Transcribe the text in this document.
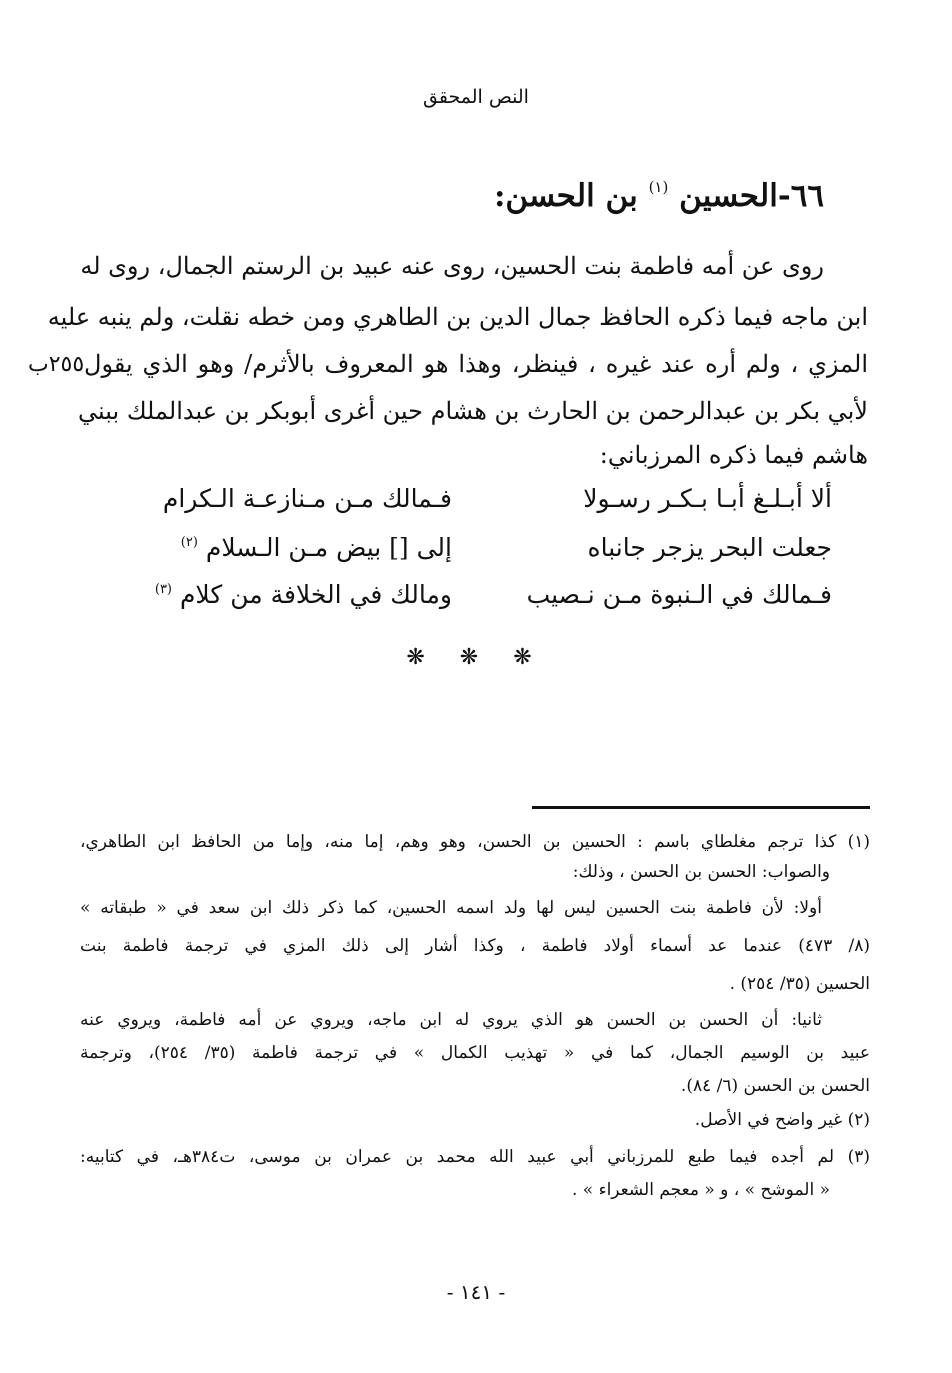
النص المحقق
٦٦-الحسين $^{(١)}$ بن الحسن:
روى عن أمه فاطمة بنت الحسين، روى عنه عبيد بن الرستم الجمال، روى له
ابن ماجه فيما ذكره الحافظ جمال الدين بن الطاهري ومن خطه نقلت، ولم ينبه عليه
المزي ، ولم أره عند غيره ، فينظر، وهذا هو المعروف بالأثرم/ وهو الذي يقول
لأبي بكر بن عبدالرحمن بن الحارث بن هشام حين أغرى أبوبكر بن عبدالملك ببني
هاشم فيما ذكره المرزباني:
٢٥٥ب
ألا أبـلـغ أبـا بـكـر رسـولا
فـمالك مـن مـنازعـة الـكرام
جعلت البحر يزجر جانباه
إلى [] بيض مـن الـسلام $^{(٢)}$
فـمالك في الـنبوة مـن نـصيب
ومالك في الخلافة من كلام $^{(٣)}$
❋ ❋ ❋
(١) كذا ترجم مغلطاي باسم : الحسين بن الحسن، وهو وهم، إما منه، وإما من الحافظ ابن الطاهري،
والصواب: الحسن بن الحسن ، وذلك:
أولا: لأن فاطمة بنت الحسين ليس لها ولد اسمه الحسين، كما ذكر ذلك ابن سعد في « طبقاته »
(٨/ ٤٧٣) عندما عد أسماء أولاد فاطمة ، وكذا أشار إلى ذلك المزي في ترجمة فاطمة بنت
الحسين (٣٥/ ٢٥٤) .
ثانيا: أن الحسن بن الحسن هو الذي يروي له ابن ماجه، ويروي عن أمه فاطمة، ويروي عنه
عبيد بن الوسيم الجمال، كما في « تهذيب الكمال » في ترجمة فاطمة (٣٥/ ٢٥٤)، وترجمة
الحسن بن الحسن (٦/ ٨٤).
(٢) غير واضح في الأصل.
(٣) لم أجده فيما طبع للمرزباني أبي عبيد الله محمد بن عمران بن موسى، ت٣٨٤هـ، في كتابيه:
« الموشح » ، و « معجم الشعراء » .
- ١٤١ -
